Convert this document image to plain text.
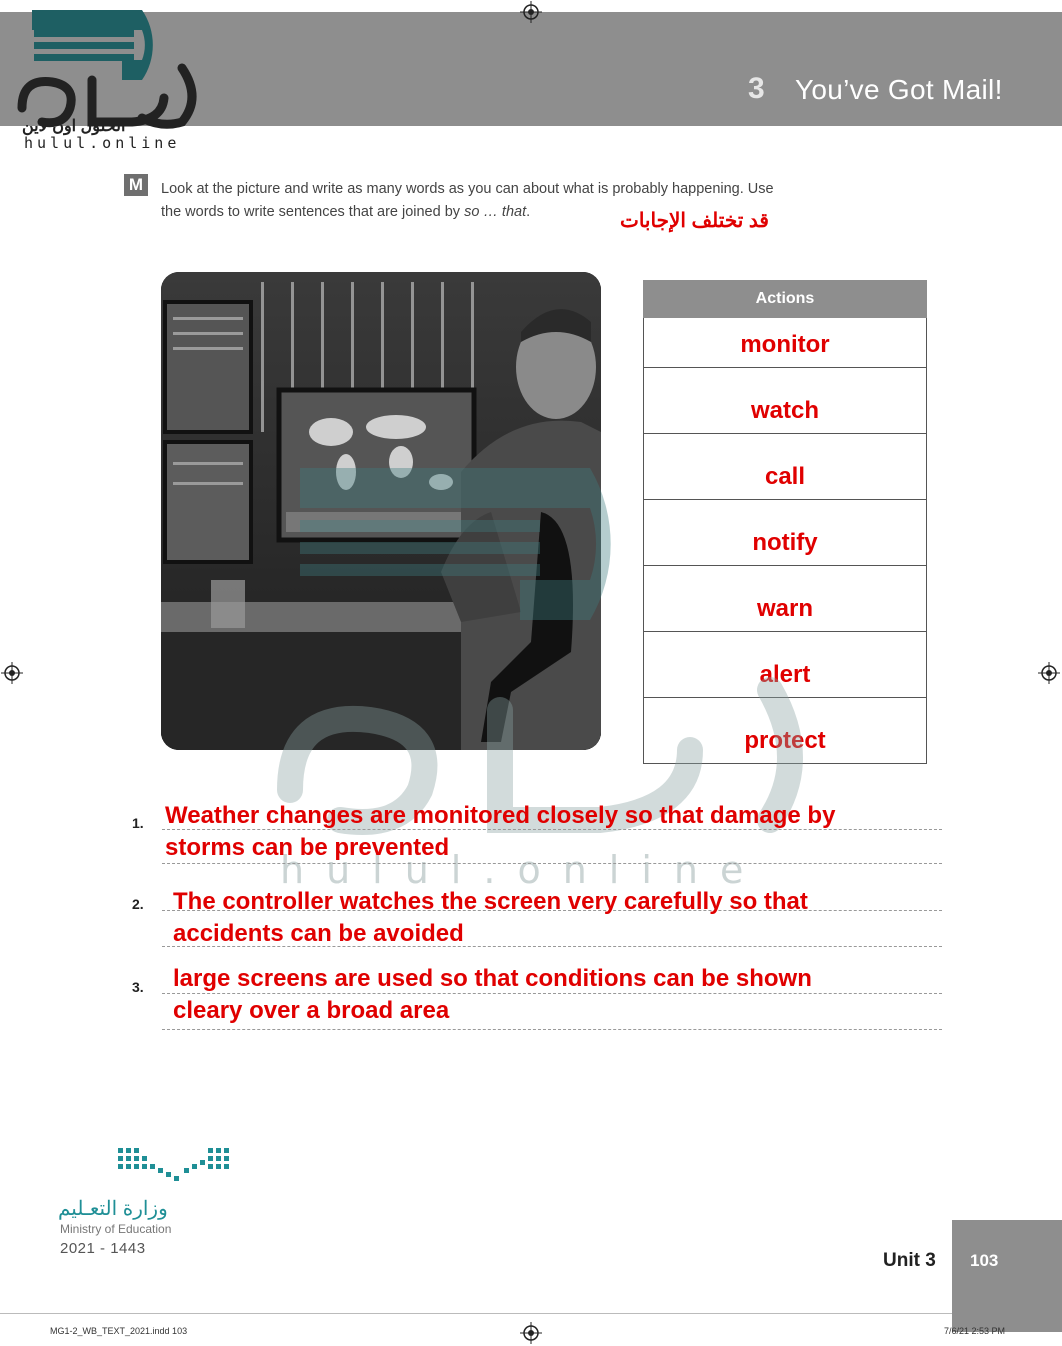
3 You’ve Got Mail!
الحلول اون لاين
hulul.online
M	Look at the picture and write as many words as you can about what is probably happening. Use
the words to write sentences that are joined by so … that.	قد تختلف الإجابات
Actions
monitor
watch
call
notify
warn
alert
protect
hulul.online
1. Weather changes are monitored closely so that damage by
storms can be prevented
2. The controller watches the screen very carefully so that
accidents can be avoided
3. large screens are used so that conditions can be shown
cleary over a broad area
وزارة التعـليم
Ministry of Education
2021 - 1443
Unit 3 103
MG1-2_WB_TEXT_2021.indd 103	7/6/21 2:53 PM
